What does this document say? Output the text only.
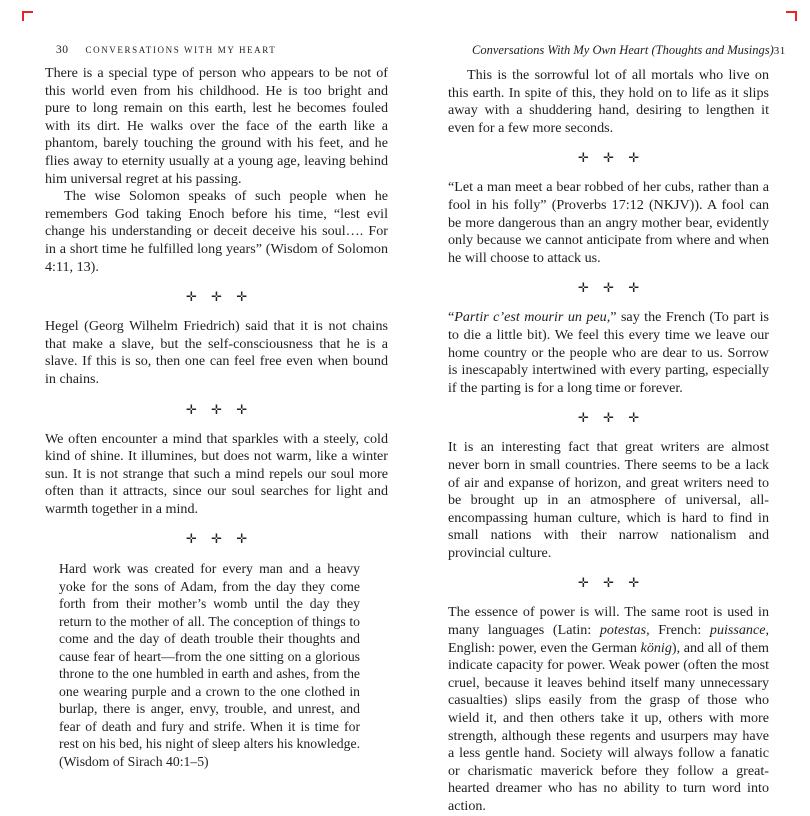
30 CONVERSATIONS WITH MY HEART
There is a special type of person who appears to be not of this world even from his childhood. He is too bright and pure to long remain on this earth, lest he becomes fouled with its dirt. He walks over the face of the earth like a phantom, barely touching the ground with his feet, and he flies away to eternity usually at a young age, leaving behind him universal regret at his passing.
The wise Solomon speaks of such people when he remembers God taking Enoch before his time, “lest evil change his understanding or deceit deceive his soul…. For in a short time he fulfilled long years” (Wisdom of Solomon 4:11, 13).
✛ ✛ ✛
Hegel (Georg Wilhelm Friedrich) said that it is not chains that make a slave, but the self-consciousness that he is a slave. If this is so, then one can feel free even when bound in chains.
✛ ✛ ✛
We often encounter a mind that sparkles with a steely, cold kind of shine. It illumines, but does not warm, like a winter sun. It is not strange that such a mind repels our soul more often than it attracts, since our soul searches for light and warmth together in a mind.
✛ ✛ ✛
Hard work was created for every man and a heavy yoke for the sons of Adam, from the day they come forth from their mother’s womb until the day they return to the mother of all. The conception of things to come and the day of death trouble their thoughts and cause fear of heart—from the one sitting on a glorious throne to the one humbled in earth and ashes, from the one wearing purple and a crown to the one clothed in burlap, there is anger, envy, trouble, and unrest, and fear of death and fury and strife. When it is time for rest on his bed, his night of sleep alters his knowledge. (Wisdom of Sirach 40:1–5)
Conversations With My Own Heart (Thoughts and Musings) 31
This is the sorrowful lot of all mortals who live on this earth. In spite of this, they hold on to life as it slips away with a shuddering hand, desiring to lengthen it even for a few more seconds.
✛ ✛ ✛
“Let a man meet a bear robbed of her cubs, rather than a fool in his folly” (Proverbs 17:12 (NKJV)). A fool can be more dangerous than an angry mother bear, evidently only because we cannot anticipate from where and when he will choose to attack us.
✛ ✛ ✛
“Partir c’est mourir un peu,” say the French (To part is to die a little bit). We feel this every time we leave our home country or the people who are dear to us. Sorrow is inescapably intertwined with every parting, especially if the parting is for a long time or forever.
✛ ✛ ✛
It is an interesting fact that great writers are almost never born in small countries. There seems to be a lack of air and expanse of horizon, and great writers need to be brought up in an atmosphere of universal, all-encompassing human culture, which is hard to find in small nations with their narrow nationalism and provincial culture.
✛ ✛ ✛
The essence of power is will. The same root is used in many languages (Latin: potestas, French: puissance, English: power, even the German könig), and all of them indicate capacity for power. Weak power (often the most cruel, because it leaves behind itself many unnecessary casualties) slips easily from the grasp of those who wield it, and then others take it up, others with more strength, although these regents and usurpers may have a less gentle hand. Society will always follow a fanatic or charismatic maverick before they follow a great-hearted dreamer who has no ability to turn word into action.
